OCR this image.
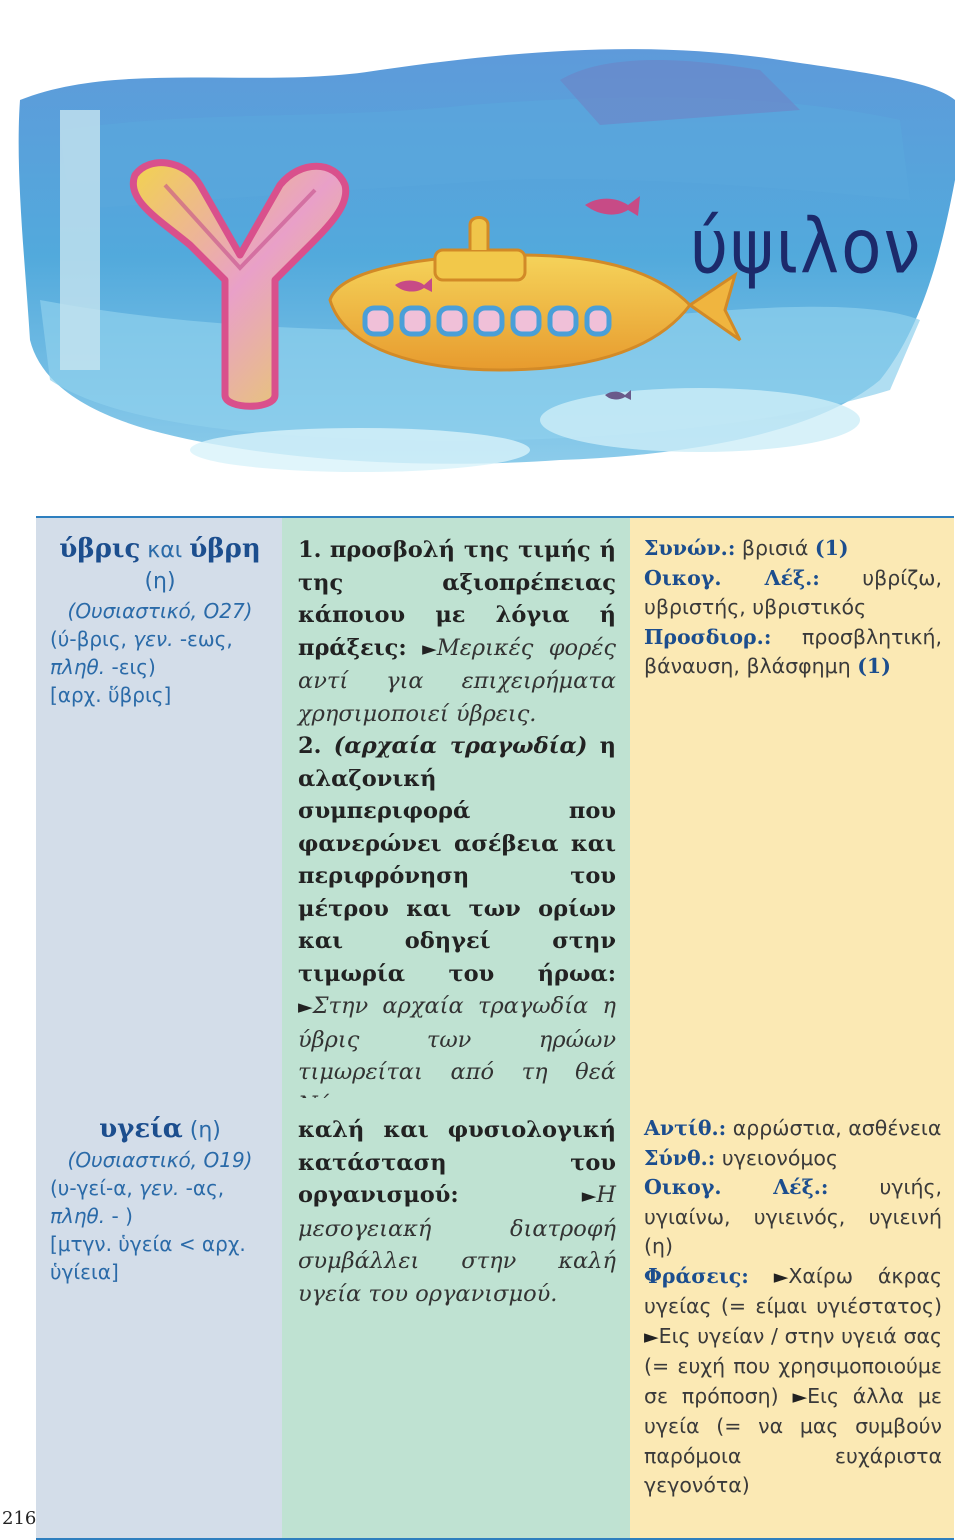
ύψιλον
ύβρις και ύβρη
(η)
(Ουσιαστικό, Ο27)
(ύ-βρις, γεν. -εως,
πληθ. -εις)
[αρχ. ὕβρις]

1. προσβολή της τιμής ή της αξιοπρέπειας κάποιου με λόγια ή πράξεις: ►Μερικές φορές αντί για επιχειρήματα χρησιμοποιεί ύβρεις.

2. (αρχαία τραγωδία) η αλαζονική συμπεριφορά που φανερώνει ασέβεια και περιφρόνηση του μέτρου και των ορίων και οδηγεί στην τιμωρία του ήρωα: ►Στην αρχαία τραγωδία η ύβρις των ηρώων τιμωρείται από τη θεά

Συνών.: βρισιά (1)

Οικογ. Λέξ.: υβρίζω, υβριστής, υβριστικός

Προσδιορ.: προσβλητική, βάναυση, βλάσφημη (1)

υγεία (η)
(Ουσιαστικό, Ο19)
(υ-γεί-α, γεν. -ας,
πληθ. - )
[μτγν. ὑγεία < αρχ. ὑγίεια]

καλή και φυσιολογική κατάσταση του οργανισμού:	►Η μεσογειακή διατροφή συμβάλλει στην καλή υγεία του οργανισμού.

Αντίθ.: αρρώστια, ασθένεια

Σύνθ.: υγειονόμος

Οικογ. Λέξ.: υγιής, υγιαίνω, υγιεινός, υγιεινή (η)

Φράσεις: ►Χαίρω άκρας υγείας (= είμαι υγιέστατος) ►Εις υγείαν / στην υγειά σας (= ευχή που χρησιμοποιούμε σε πρόποση) ►Εις άλλα με υγεία (= να μας συμβούν παρόμοια ευχάριστα γεγονότα)

216
